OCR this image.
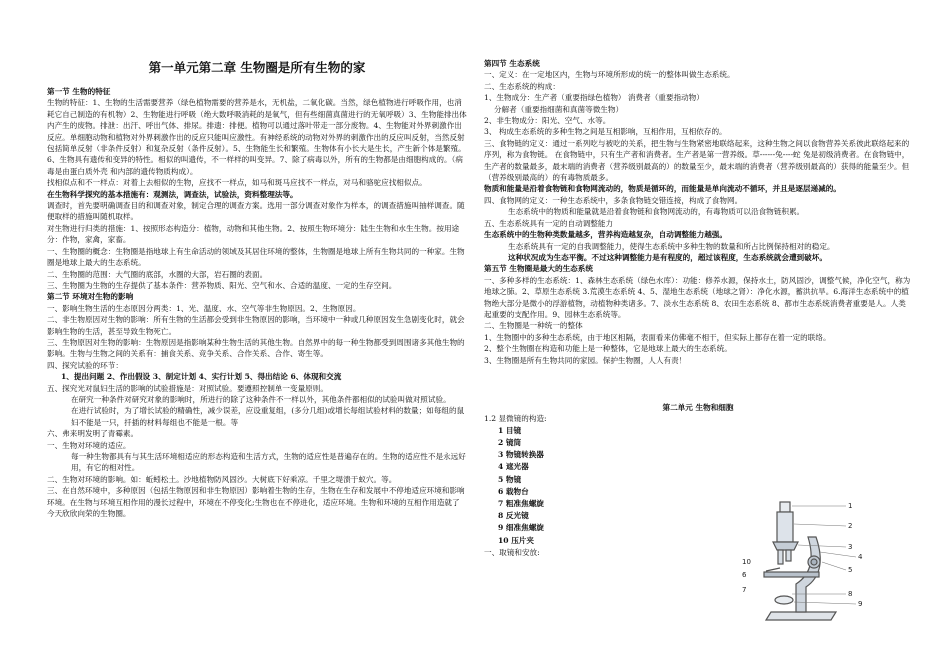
第一单元第二章 生物圈是所有生物的家
第一节 生物的特征

生物的特征：1、生物的生活需要营养（绿色植物需要的营养是水，无机盐，二氧化碳。当然，绿色植物进行呼吸作用，也消耗它自己制造的有机物）2、生物能进行呼吸（绝大数呼吸消耗的是氧气，但有些细菌真菌进行的无氧呼吸）3、生物能排出体内产生的废物。排泄：出汗、呼出气体、排尿。排遗：排便。植物可以通过落叶带走一部分废物。4、生物能对外界刺激作出反应。单细胞动物和植物对外界刺激作出的反应只能叫应激性。有神经系统的动物对外界的刺激作出的反应叫反射，当然反射包括简单反射（非条件反射）和复杂反射（条件反射）。5、生物能生长和繁殖。生物体有小长大是生长，产生新个体是繁殖。6、生物具有遗传和变异的特性。相似的叫遗传，不一样样的叫变异。7、除了病毒以外，所有的生物都是由细胞构成的。（病毒是由蛋白质外壳 和内部的遗传物质构成）。

找相似点和不一样点：对着上去相似的生物，应找不一样点，如马和斑马应找不一样点，对马和骆驼应找相似点。

在生物科学探究的基本措施有：观测法，调查法，试验法，资料整理法等。

调查时，首先要明确调查目的和调查对象，制定合理的调查方案。选用一部分调查对象作为样本，的调查措施叫抽样调查。随便取样的措施叫随机取样。

对生物进行归类的措施：1、按照形态构造分：植物，动物和其他生物。2、按照生物环境分：陆生生物和水生生物。按用途分：作物，家禽，家畜。

一、生物圈的概念：生物圈是指地球上有生命活动的领域及其居住环境的整体，生物圈是地球上所有生物共同的一种家。生物圈是地球上最大的生态系统。

二、生物圈的范围：大气圈的底部，水圈的大部，岩石圈的表面。

三、生物圈为生物的生存提供了基本条件：营养物质、阳光、空气和水、合适的温度、一定的生存空间。

第二节 环境对生物的影响

一、影响生物生活的生态原因分两类：1、光、温度、水、空气等非生物原因。2、生物原因。

二、非生物原因对生物的影响：所有生物的生活都会受到非生物原因的影响，当环境中一种或几种原因发生急剧变化时，就会影响生物的生活，甚至导致生物死亡。

三、生物原因对生物的影响：生物原因是指影响某种生物生活的其他生物。自然界中的每一种生物都受到周围诸多其他生物的影响。生物与生物之间的关系有：捕食关系、竞争关系、合作关系、合作、寄生等。

四、探究试验的环节：

1、提出问题 2、作出假设 3、制定计划 4、实行计划 5、得出结论 6、体现和交流

五、探究光对鼠妇生活的影响的试验措施是：对照试验。要遵照控制单一变量原则。

在研究一种条件对研究对象的影响时，所进行的除了这种条件不一样以外，其他条件都相似的试验叫做对照试验。

在进行试验时，为了增长试验的精确性，减少误差，应设重复组，(多分几组)或增长每组试验材料的数量；如每组的鼠妇不能是一只，扦插的材料每组也不能是一根。等

六、弗来明发明了青霉素。

一、生物对环境的适应。

每一种生物都具有与其生活环境相适应的形态构造和生活方式，生物的适应性是普遍存在的。生物的适应性不是永远好用，有它的相对性。

二、生物对环境的影响。如：蚯蚓松土。沙地植物防风固沙。大树底下好乘凉。千里之堤溃于蚁穴。等。

三、在自然环境中，多种原因（包括生物原因和非生物原因）影响着生物的生存，生物在生存和发展中不停地适应环境和影响环境。在生物与环境互相作用的漫长过程中，环境在不停变化;生物也在不停进化，适应环境。生物和环境的互相作用造就了今天欣欣向荣的生物圈。

第四节 生态系统

一、定义：在一定地区内，生物与环境所形成的统一的整体叫做生态系统。

二、生态系统的构成：

1、生物成分：生产者（重要指绿色植物） 消费者（重要指动物）

分解者（重要指细菌和真菌等微生物）

2、非生物成分：阳光、空气、水等。

3、 构成生态系统的多种生物之间是互相影响，互相作用，互相依存的。

三、食物链的定义：通过一系列吃与被吃的关系，把生物与生物紧密地联络起来，这种生物之间以食物营养关系彼此联络起来的序列，称为食物链。 在食物链中，只有生产者和消费者。生产者是第一营养级。草------兔----蛇 兔是初级消费者。在食物链中，生产者的数量最多，最末端的消费者（营养级别最高的）的数量至少，最末端的消费者（营养级别最高的）获得的能量至少。但（营养级别最高的）的有毒物质最多。

物质和能量是沿着食物链和食物网流动的，物质是循环的，而能量是单向流动不循环，并且是逐层递减的。

四、食物网的定义：一种生态系统中，多条食物链交错连接，构成了食物网。

生态系统中的物质和能量就是沿着食物链和食物网流动的，有毒物质可以沿食物链积累。

五、生态系统具有一定的自动调整能力

生态系统中的生物种类数量越多，营养构造越复杂，自动调整能力越强。

生态系统具有一定的自我调整能力，使得生态系统中多种生物的数量和所占比例保持相对的稳定。

这种状况成为生态平衡。不过这种调整能力是有程度的，超过该程度，生态系统就会遭到破坏。

第五节 生物圈是最大的生态系统

一、多种多样的生态系统：1、森林生态系统（绿色水库）：功能：修养水源，保持水土，防风固沙，调整气候，净化空气，称为地球之肺。2、草原生态系统 3.荒漠生态系统 4、5、湿地生态系统（地球之肾）：净化水源，蓄洪抗旱。6.海洋生态系统中的植物绝大部分是微小的浮游植物，动植物种类诸多。7、淡水生态系统 8、农田生态系统 8、都市生态系统消费者重要是人。人类起重要的支配作用。9、园林生态系统等。

二、生物圈是一种统一的整体

1、生物圈中的多种生态系统，由于地区相隔，表面看来仿佛毫不相干，但实际上都存在着一定的联络。

2、整个生物圈在构造和功能上是一种整体，它是地球上最大的生态系统。

3、生物圈是所有生物共同的家园。保护生物圈，人人有责！

第二单元 生物和细胞

1.2 显微镜的构造:

1 目镜
2 镜筒
3 物镜转换器
4 遮光器
5 物镜
6 载物台
7 粗准焦螺旋
8 反光镜
9 细准焦螺旋
10 压片夹

一、取镜和安放:

1
2
3
4
5
6
7	8
9
10
